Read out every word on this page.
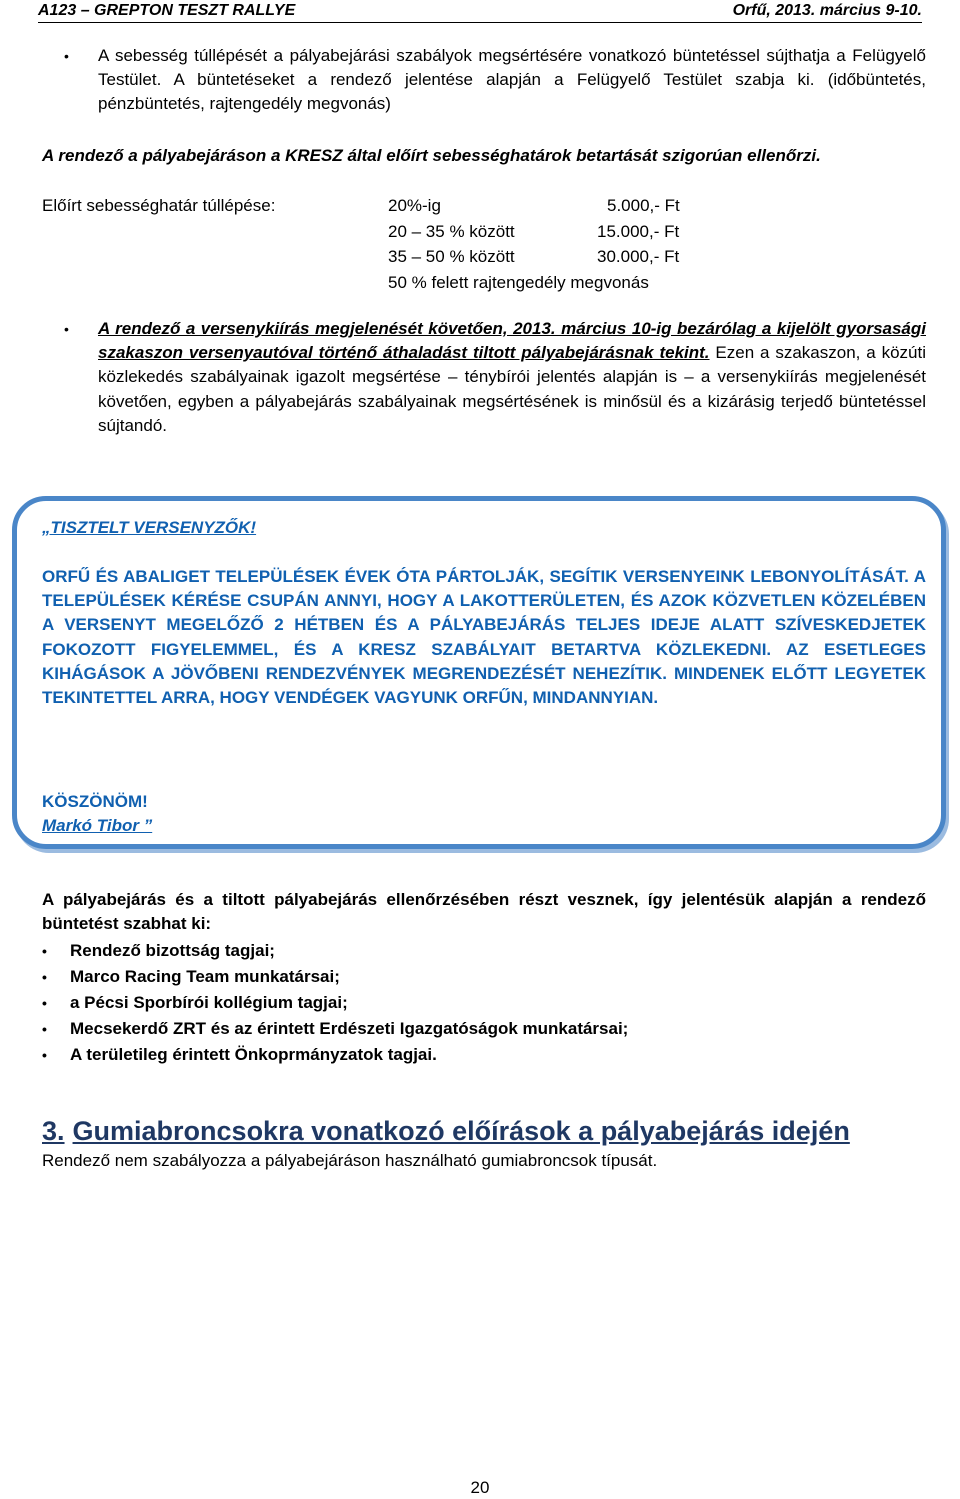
A123 – GREPTON TESZT RALLYE	Orfű, 2013. március 9-10.
•	A sebesség túllépését a pályabejárási szabályok megsértésére vonatkozó büntetéssel sújthatja a Felügyelő Testület. A büntetéseket a rendező jelentése alapján a Felügyelő Testület szabja ki. (időbüntetés, pénzbüntetés, rajtengedély megvonás)
A rendező a pályabejáráson a KRESZ által előírt sebességhatárok betartását szigorúan ellenőrzi.
Előírt sebességhatár túllépése:	20%-ig	5.000,- Ft
20 – 35 % között	15.000,- Ft
35 – 50 % között	30.000,- Ft
50 % felett rajtengedély megvonás
•	A rendező a versenykiírás megjelenését követően, 2013. március 10-ig bezárólag a kijelölt gyorsasági szakaszon versenyautóval történő áthaladást tiltott pályabejárásnak tekint. Ezen a szakaszon, a közúti közlekedés szabályainak igazolt megsértése – ténybírói jelentés alapján is – a versenykiírás megjelenését követően, egyben a pályabejárás szabályainak megsértésének is minősül és a kizárásig terjedő büntetéssel sújtandó.
„TISZTELT VERSENYZŐK!
ORFŰ ÉS ABALIGET TELEPÜLÉSEK ÉVEK ÓTA PÁRTOLJÁK, SEGÍTIK VERSENYEINK LEBONYOLÍTÁSÁT. A TELEPÜLÉSEK KÉRÉSE CSUPÁN ANNYI, HOGY A LAKOTTERÜLETEN, ÉS AZOK KÖZVETLEN KÖZELÉBEN A VERSENYT MEGELŐZŐ 2 HÉTBEN ÉS A PÁLYABEJÁRÁS TELJES IDEJE ALATT SZÍVESKEDJETEK FOKOZOTT FIGYELEMMEL, ÉS A KRESZ SZABÁLYAIT BETARTVA KÖZLEKEDNI. AZ ESETLEGES KIHÁGÁSOK A JÖVŐBENI RENDEZVÉNYEK MEGRENDEZÉSÉT NEHEZÍTIK. MINDENEK ELŐTT LEGYETEK TEKINTETTEL ARRA, HOGY VENDÉGEK VAGYUNK ORFŰN, MINDANNYIAN.
KÖSZÖNÖM!
Markó Tibor ”
A pályabejárás és a tiltott pályabejárás ellenőrzésében részt vesznek, így jelentésük alapján a rendező büntetést szabhat ki:
•	Rendező bizottság tagjai;
•	Marco Racing Team munkatársai;
•	a Pécsi Sporbírói kollégium tagjai;
•	Mecsekerdő ZRT és az érintett Erdészeti Igazgatóságok munkatársai;
•	A területileg érintett Önkoprmányzatok tagjai.
3. Gumiabroncsokra vonatkozó előírások a pályabejárás idején
Rendező nem szabályozza a pályabejáráson használható gumiabroncsok típusát.
20
